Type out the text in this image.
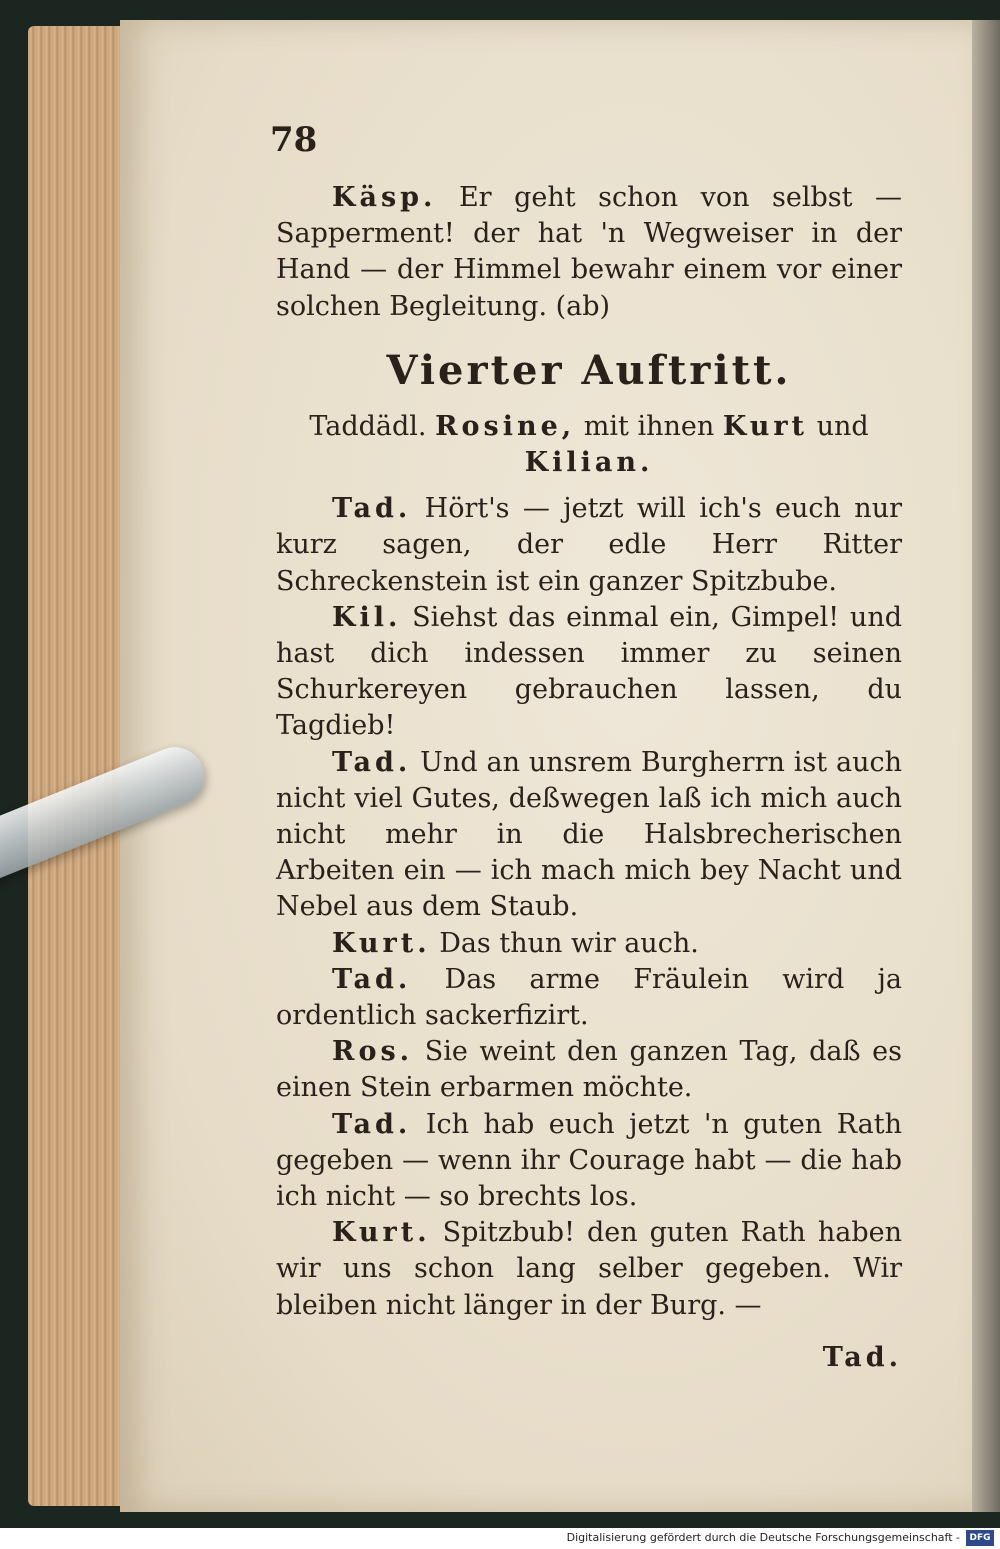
78

Käsp. Er geht schon von selbst — Sapperment! der hat 'n Wegweiser in der Hand — der Himmel bewahr einem vor einer solchen Begleitung. (ab)

Vierter Auftritt.

Taddädl. Rosine, mit ihnen Kurt und Kilian.

Tad. Hört's — jetzt will ich's euch nur kurz sagen, der edle Herr Ritter Schreckenstein ist ein ganzer Spitzbube.

Kil. Siehst das einmal ein, Gimpel! und hast dich indessen immer zu seinen Schurkereyen gebrauchen lassen, du Tagdieb!

Tad. Und an unsrem Burgherrn ist auch nicht viel Gutes, deßwegen laß ich mich auch nicht mehr in die Halsbrecherischen Arbeiten ein — ich mach mich bey Nacht und Nebel aus dem Staub.

Kurt. Das thun wir auch.

Tad. Das arme Fräulein wird ja ordentlich sackerfizirt.

Ros. Sie weint den ganzen Tag, daß es einen Stein erbarmen möchte.

Tad. Ich hab euch jetzt 'n guten Rath gegeben — wenn ihr Courage habt — die hab ich nicht — so brechts los.

Kurt. Spitzbub! den guten Rath haben wir uns schon lang selber gegeben. Wir bleiben nicht länger in der Burg. —

Tad.
Digitalisierung gefördert durch die Deutsche Forschungsgemeinschaft -	DFG
